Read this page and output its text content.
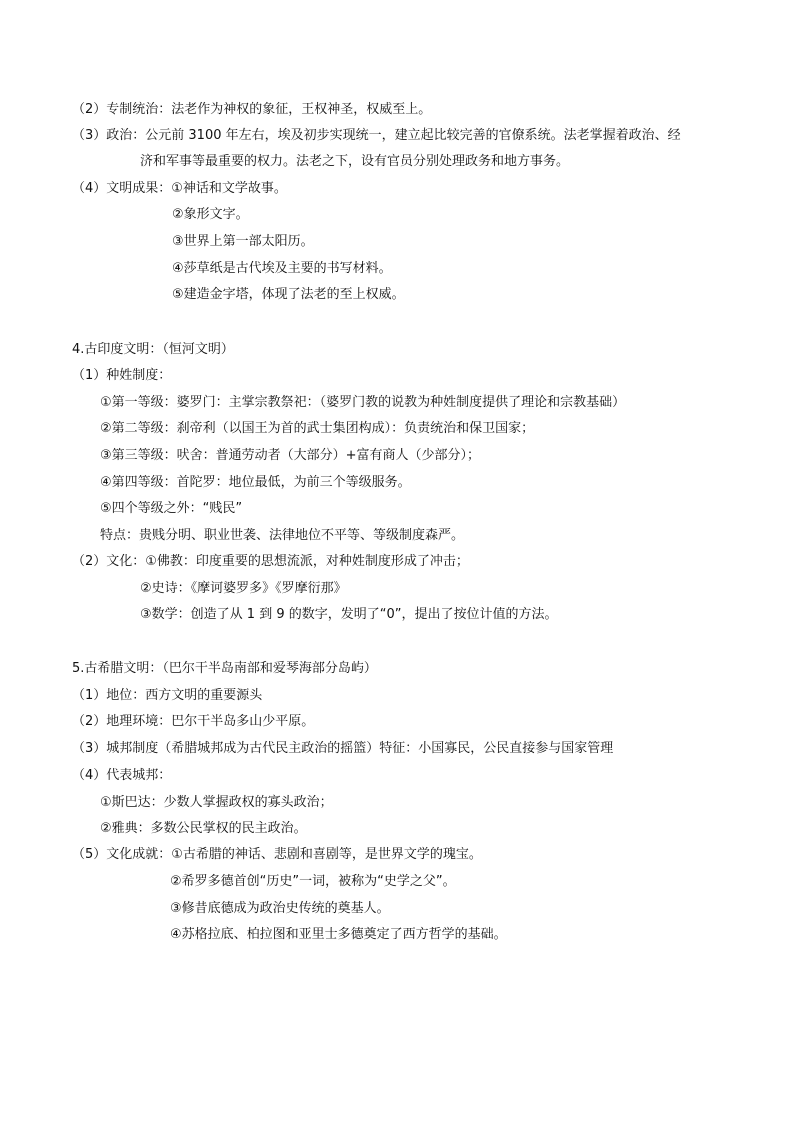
（2）专制统治：法老作为神权的象征，王权神圣，权威至上。
（3）政治：公元前 3100 年左右，埃及初步实现统一，建立起比较完善的官僚系统。法老掌握着政治、经
济和军事等最重要的权力。法老之下，设有官员分别处理政务和地方事务。
（4）文明成果：①神话和文学故事。
②象形文字。
③世界上第一部太阳历。
④莎草纸是古代埃及主要的书写材料。
⑤建造金字塔，体现了法老的至上权威。
4.古印度文明：（恒河文明）
（1）种姓制度：
①第一等级：婆罗门：主掌宗教祭祀：（婆罗门教的说教为种姓制度提供了理论和宗教基础）
②第二等级：刹帝利（以国王为首的武士集团构成）：负责统治和保卫国家；
③第三等级：吠舍：普通劳动者（大部分）+富有商人（少部分）；
④第四等级：首陀罗：地位最低，为前三个等级服务。
⑤四个等级之外：“贱民”
特点：贵贱分明、职业世袭、法律地位不平等、等级制度森严。
（2）文化：①佛教：印度重要的思想流派，对种姓制度形成了冲击；
②史诗：《摩诃婆罗多》《罗摩衍那》
③数学：创造了从 1 到 9 的数字，发明了“0”，提出了按位计值的方法。
5.古希腊文明：（巴尔干半岛南部和爱琴海部分岛屿）
（1）地位：西方文明的重要源头
（2）地理环境：巴尔干半岛多山少平原。
（3）城邦制度（希腊城邦成为古代民主政治的摇篮）特征：小国寡民，公民直接参与国家管理
（4）代表城邦：
①斯巴达：少数人掌握政权的寡头政治；
②雅典：多数公民掌权的民主政治。
（5）文化成就：①古希腊的神话、悲剧和喜剧等，是世界文学的瑰宝。
②希罗多德首创“历史”一词，被称为“史学之父”。
③修昔底德成为政治史传统的奠基人。
④苏格拉底、柏拉图和亚里士多德奠定了西方哲学的基础。
